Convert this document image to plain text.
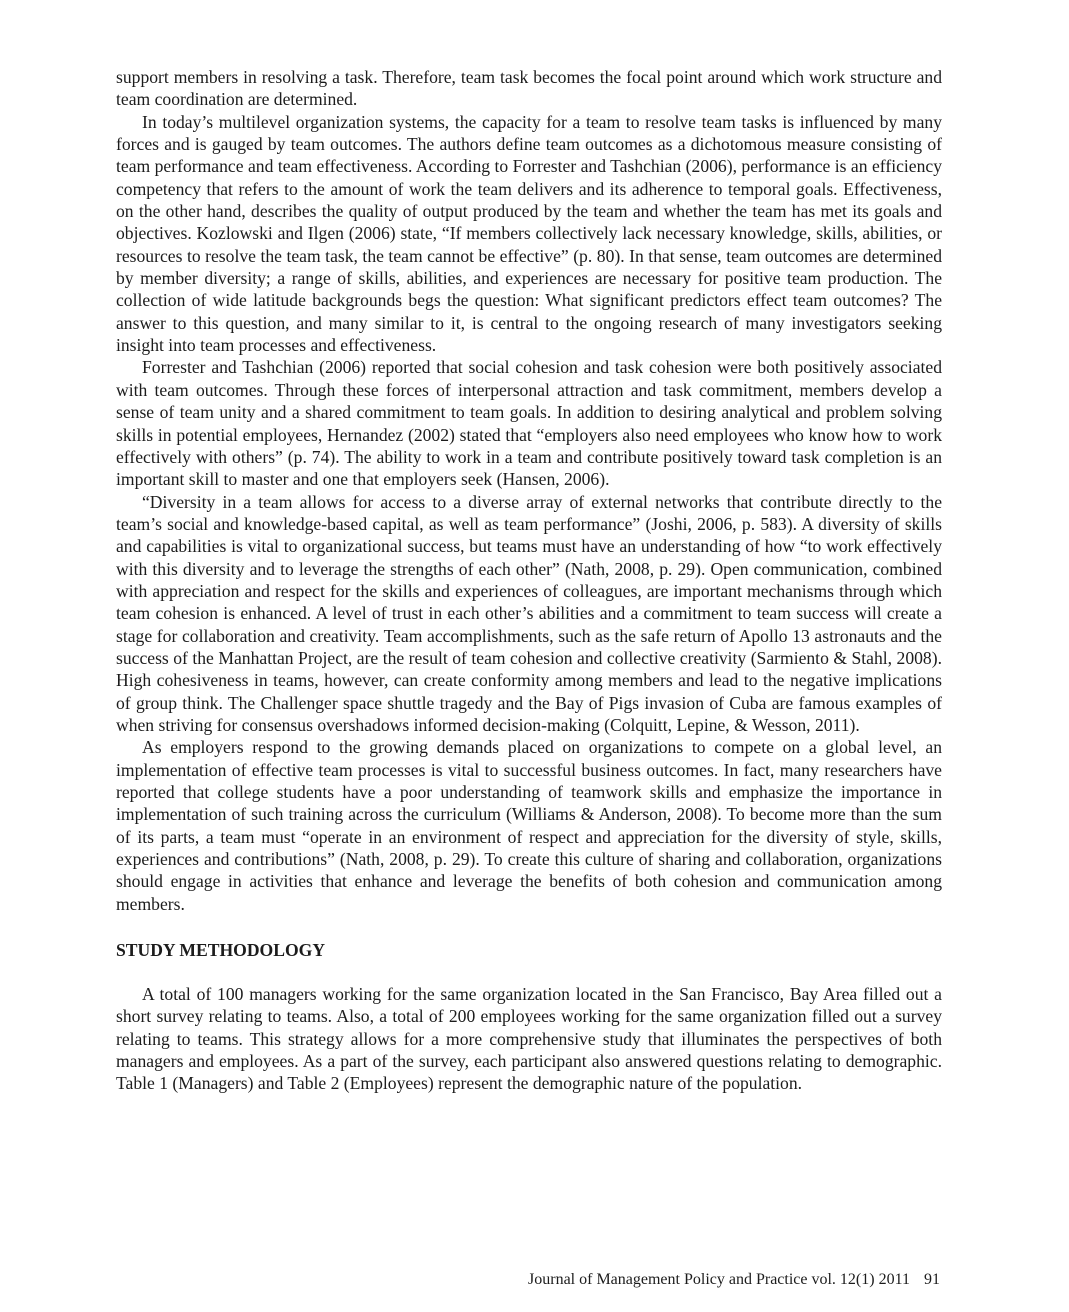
support members in resolving a task. Therefore, team task becomes the focal point around which work structure and team coordination are determined.

In today’s multilevel organization systems, the capacity for a team to resolve team tasks is influenced by many forces and is gauged by team outcomes. The authors define team outcomes as a dichotomous measure consisting of team performance and team effectiveness. According to Forrester and Tashchian (2006), performance is an efficiency competency that refers to the amount of work the team delivers and its adherence to temporal goals. Effectiveness, on the other hand, describes the quality of output produced by the team and whether the team has met its goals and objectives. Kozlowski and Ilgen (2006) state, “If members collectively lack necessary knowledge, skills, abilities, or resources to resolve the team task, the team cannot be effective” (p. 80). In that sense, team outcomes are determined by member diversity; a range of skills, abilities, and experiences are necessary for positive team production. The collection of wide latitude backgrounds begs the question: What significant predictors effect team outcomes? The answer to this question, and many similar to it, is central to the ongoing research of many investigators seeking insight into team processes and effectiveness.

Forrester and Tashchian (2006) reported that social cohesion and task cohesion were both positively associated with team outcomes. Through these forces of interpersonal attraction and task commitment, members develop a sense of team unity and a shared commitment to team goals. In addition to desiring analytical and problem solving skills in potential employees, Hernandez (2002) stated that “employers also need employees who know how to work effectively with others” (p. 74). The ability to work in a team and contribute positively toward task completion is an important skill to master and one that employers seek (Hansen, 2006).

“Diversity in a team allows for access to a diverse array of external networks that contribute directly to the team’s social and knowledge-based capital, as well as team performance” (Joshi, 2006, p. 583). A diversity of skills and capabilities is vital to organizational success, but teams must have an understanding of how “to work effectively with this diversity and to leverage the strengths of each other” (Nath, 2008, p. 29). Open communication, combined with appreciation and respect for the skills and experiences of colleagues, are important mechanisms through which team cohesion is enhanced. A level of trust in each other’s abilities and a commitment to team success will create a stage for collaboration and creativity. Team accomplishments, such as the safe return of Apollo 13 astronauts and the success of the Manhattan Project, are the result of team cohesion and collective creativity (Sarmiento & Stahl, 2008). High cohesiveness in teams, however, can create conformity among members and lead to the negative implications of group think. The Challenger space shuttle tragedy and the Bay of Pigs invasion of Cuba are famous examples of when striving for consensus overshadows informed decision-making (Colquitt, Lepine, & Wesson, 2011).

As employers respond to the growing demands placed on organizations to compete on a global level, an implementation of effective team processes is vital to successful business outcomes. In fact, many researchers have reported that college students have a poor understanding of teamwork skills and emphasize the importance in implementation of such training across the curriculum (Williams & Anderson, 2008). To become more than the sum of its parts, a team must “operate in an environment of respect and appreciation for the diversity of style, skills, experiences and contributions” (Nath, 2008, p. 29). To create this culture of sharing and collaboration, organizations should engage in activities that enhance and leverage the benefits of both cohesion and communication among members.

STUDY METHODOLOGY

A total of 100 managers working for the same organization located in the San Francisco, Bay Area filled out a short survey relating to teams. Also, a total of 200 employees working for the same organization filled out a survey relating to teams. This strategy allows for a more comprehensive study that illuminates the perspectives of both managers and employees. As a part of the survey, each participant also answered questions relating to demographic. Table 1 (Managers) and Table 2 (Employees) represent the demographic nature of the population.

Journal of Management Policy and Practice vol. 12(1) 2011 91
